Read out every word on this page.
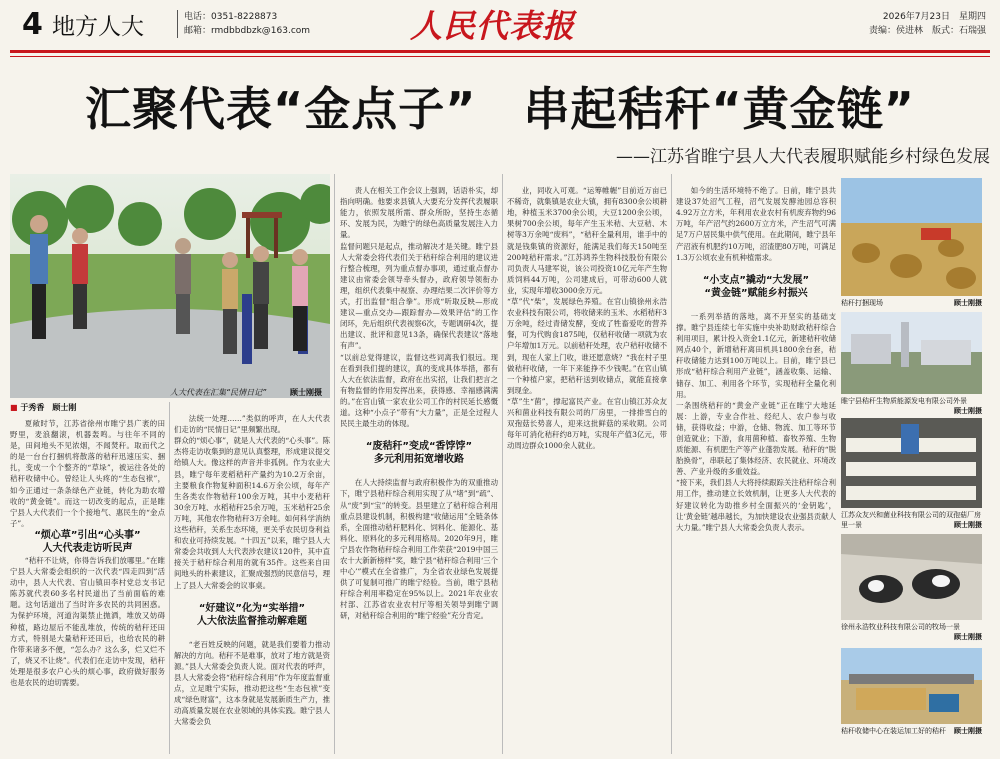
4 地方人大	电话：0351-8228873
邮箱：rmdbbdbzk@163.com	人民代表报	2026年7月23日　星期四
责编：侯进林　版式：石瑞强
汇聚代表“金点子”　串起秸秆“黄金链”
——江苏省睢宁县人大代表履职赋能乡村绿色发展
人大代表在汇集“民情日记”	顾士刚摄
■ 于秀香　顾士刚

夏敞时节，江苏省徐州市睢宁县广袤的田野里，麦浪翻滚，机器轰鸣。与往年不同的是，田间地头不见浓烟，不闻焚秆。取而代之的是一台台打捆机将散落的秸秆迅速压实、捆扎，变成一个个整齐的“草垛”，被运往各处的秸秆收储中心。曾经让人头疼的“生态包袱”，如今正通过一条条绿色产业链，转化为助农增收的“黄金链”。而这一切改变的起点，正是睢宁县人大代表们一个个接地气、惠民生的“金点子”。

“烦心草”引出“心头事”
人大代表走访听民声

“秸秆不让烧，你得告诉我们放哪里。”在睢宁县人大常委会组织的一次代表“四走四到”活动中，县人大代表、官山镇田李村党总支书记陈苏就代表60多名村民道出了当前面临的难题。这句话道出了当时许多农民的共同困惑。为保护环境，河道沟渠禁止抛洒，堆放又妨碍种植，路边屋后不能乱堆放，传统的秸秆还田方式，特别是大量秸秆还田后，也给农民的耕作带来诸多不便，“怎么办？这么多，烂又烂不了，烧又不让烧”。代表们在走访中发现，秸秆处理是很多农户心头的烦心事，政府做好服务也是农民的迫切需要。

法统一处理……”类似的呼声，在人大代表们走访的“民情日记”里频繁出现。
群众的“烦心事”，就是人大代表的“心头事”。陈杰将走访收集到的意见认真整理，形成建议提交给镇人大。像这样的声音并非孤例。作为农业大县，睢宁每年麦稻秸秆产量约为10.2万余亩，主要粮食作物复种面积14.6万余公顷，每年产生各类农作物秸秆100余万吨，其中小麦秸秆30余万吨、水稻秸秆25余万吨，玉米秸秆25余万吨，其他农作物秸秆3万余吨。如何科学消纳这些秸秆，关系生态环境，更关乎农民切身利益和农业可持续发展。“十四五”以来，睢宁县人大常委会共收到人大代表涉农建议120件，其中直接关于秸秆综合利用的就有35件。这些来自田间地头的朴素建议，汇聚成强烈的民意信号，理上了县人大常委会的议事桌。

“好建议”化为“实举措”
人大依法监督推动解难题

“老百姓反映的问题，就是我们要着力推动解决的方向。秸秆不是难事，放对了地方就是资源。”县人大常委会负责人说。面对代表的呼声，县人大常委会将“秸秆综合利用”作为年度监督重点，立足睢宁实际，推动把这些“生态包袱”变成“绿色财富”，这本身就是发展新质生产力，推动高质量发展在农业领域的具体实践。睢宁县人大常委会负

责人在相关工作会议上强调，话语朴实，却指向明确。他要求县镇人大要充分发挥代表履职能力，依照发展所需、群众所盼，坚持生态循环、发展为民，为睢宁的绿色高质量发展注入力量。
监督问题只是起点，推动解决才是关键。睢宁县人大常委会将代表们关于秸秆综合利用的建议进行整合梳理，列为重点督办事项，通过重点督办建议由常委会领导牵头督办，政府领导领衔办理，组织代表集中视察、办理结果二次评价等方式，打出监督“组合拳”。形成“听取反映—形成建议—重点交办—跟踪督办—效果评估”的工作闭环，先后组织代表视察6次，专题调研4次，提出建议、批评和意见13条，确保代表建议“落地有声”。
“以前总觉得建议，监督这些词离我们很远。现在看到我们提的建议，真的变成具体举措，都有人大在依法监督，政府在出实招，让我们把言之有物监督的作用发挥出来，获得感、幸福感满满的。”在官山镇一家农业公司工作的村民延长感慨道。这种“小点子”带有“大力量”，正是全过程人民民主最生动的体现。

“废秸秆”变成“香饽饽”
多元利用拓宽增收路

在人大持续监督与政府积极作为的双重推动下，睢宁县秸秆综合利用实现了从“堵”到“疏”、从“废”到“宝”的转变。县里建立了秸秆综合利用重点县建设机制，积极构建“收储运用”全链条体系，全面推动秸秆肥料化、饲料化、能源化、基料化、原料化的多元利用格局。2020年9月，睢宁县农作物秸秆综合利用工作荣获“2019中国三农十大新新榜样”奖，睢宁县“秸秆综合利用‘三个中心’”模式在全省推广，为全省农业绿色发展提供了可复制可推广的睢宁经验。当前，睢宁县秸秆综合利用率稳定在95%以上。2021年农业农村部、江苏省农业农村厅等相关领导到睢宁调研，对秸秆综合利用的“睢宁经验”充分肯定。

业，同收入可观。“运筹帷幄”目前近万亩已不稀奇，就集镇是农业大镇，拥有8300余公顷耕地，种植玉米3700余公顷，大豆1200余公顷，果树700余公顷，每年产生玉米秸、大豆秸、木树等3万余吨“废料”，“秸秆全量利用，谁手中的就是钱集镇的资源好，能满足我们每天150吨至200吨秸秆需求。”江苏鸿养生物科技股份有限公司负责人马建军说，该公司投资10亿元年产生物质饲料44万吨，公司建成后，可带动600人就业，实现年增收3000余万元。
“草”代“柴”，发展绿色养殖。在官山镇徐州永浩农业科技有限公司，将收储来的玉米、水稻秸秆3万余吨，经过青储发酵，变成了牲畜爱吃的营养餐，可为代购食1875吨，仅秸秆收储一项就为农户年增加1万元。以前秸秆处理，农户秸秆收储不到，现在人家上门收，谁还愿意烧？“我在村子里做秸秆收储，一年下来能挣不少钱呢。”在官山镇一个种植户家，把秸秆送到收储点，就能直接拿到现金。
“草”生“菌”，撑起富民产业。在官山镇江苏众友兴和菌业科技有限公司的厂房里，一排排雪白的双孢菇长势喜人，迎来这批鲜菇的采收期。公司每年可消化秸秆约8万吨，实现年产值3亿元，带动周边群众1000余人就业。

如今的生活环境特不绝了。日前，睢宁县共建设37处沼气工程，沼气发展发酵池园总容积4.92万立方米，年利用农业农村有机废弃物约96万吨，年产沼气约2600万立方米，产生沼气可满足7万户居民集中供气使用。在此期间，睢宁县年产沼液有机肥约10万吨，沼渣肥80万吨，可满足1.3万公顷农业有机种植需求。

“小支点”撬动“大发展”
“黄金链”赋能乡村振兴

一系列举措的落地，离不开坚实的基础支撑。睢宁县连续七年实施中央补助财政秸秆综合利用项目，累计投入资金1.1亿元，新建秸秆收储网点40个，新增秸秆离田机具1800余台套，秸秆收储能力达到100万吨以上。目前，睢宁县已形成“秸秆综合利用产业链”，涵盖收集、运输、储存、加工、利用各个环节，实现秸秆全量化利用。
一条围绕秸秆的“黄金产业链”正在睢宁大地延展：上游，专业合作社、经纪人、农户参与收储，获得收益；中游，仓储、物流、加工等环节创造就业；下游，食用菌种植、畜牧养殖、生物质能源、有机肥生产等产业蓬勃发展。秸秆的“脱胎换骨”，串联起了集体经济、农民就业、环境改善、产业升级的多重效益。
“接下来，我们县人大将持续跟踪关注秸秆综合利用工作，推动建立长效机制，让更多人大代表的好建议转化为助推乡村全面振兴的‘金钥匙’，让‘黄金链’越串越长，为加快建设农业强县贡献人大力量。”睢宁县人大常委会负责人表示。

秸秆打捆现场	顾士刚摄
睢宁县秸秆生物质能源发电有限公司外景
顾士刚摄
江苏众友兴和菌业科技有限公司的双孢菇厂房里一景	顾士刚摄
徐州永浩牧业科技有限公司的牧场一景
顾士刚摄
秸秆收储中心在装运加工好的秸秆 顾士刚摄
